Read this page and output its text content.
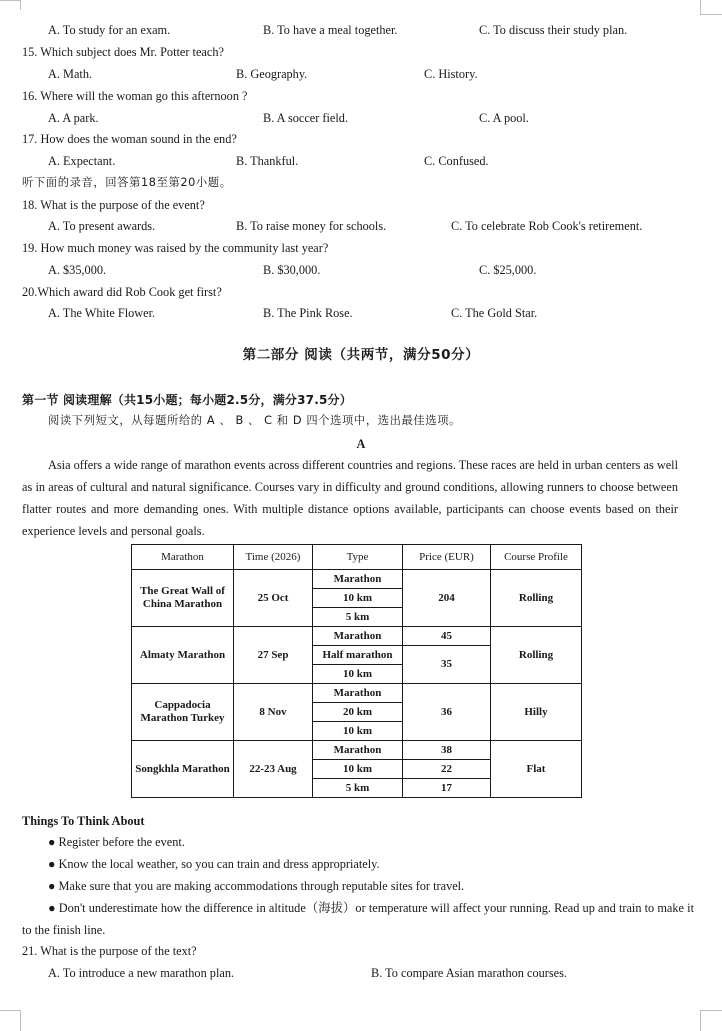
A. To study for an exam.	B. To have a meal together.	C. To discuss their study plan.
15. Which subject does Mr. Potter teach?
A. Math.	B. Geography.	C. History.
16. Where will the woman go this afternoon ?
A. A park.	B. A soccer field.	C. A pool.
17. How does the woman sound in the end?
A. Expectant.	B. Thankful.	C. Confused.
听下面的录音，回答第18至第20小题。
18. What is the purpose of the event?
A. To present awards.	B. To raise money for schools.	C. To celebrate Rob Cook's retirement.
19. How much money was raised by the community last year?
A. $35,000.	B. $30,000.	C. $25,000.
20.Which award did Rob Cook get first?
A. The White Flower.	B. The Pink Rose.	C. The Gold Star.
第二部分 阅读（共两节，满分50分）
第一节 阅读理解（共15小题；每小题2.5分，满分37.5分）
阅读下列短文，从每题所给的 A 、 B 、 C 和 D 四个选项中，选出最佳选项。
A
Asia offers a wide range of marathon events across different countries and regions. These races are held in urban centers as well as in areas of cultural and natural significance. Courses vary in difficulty and ground conditions, allowing runners to choose between flatter routes and more demanding ones. With multiple distance options available, participants can choose events based on their experience levels and personal goals.
Marathon	Time (2026)	Type	Price (EUR)	Course Profile
The Great Wall of China Marathon	25 Oct	Marathon	204	Rolling
		10 km		
		5 km		
Almaty Marathon	27 Sep	Marathon	45	Rolling
		Half marathon	35	
		10 km		
Cappadocia Marathon Turkey	8 Nov	Marathon	36	Hilly
		20 km		
		10 km		
Songkhla Marathon	22-23 Aug	Marathon	38	Flat
		10 km	22	
		5 km	17	
Things To Think About
● Register before the event.
● Know the local weather, so you can train and dress appropriately.
● Make sure that you are making accommodations through reputable sites for travel.
● Don't underestimate how the difference in altitude（海拔）or temperature will affect your running. Read up and train to make it to the finish line.
21. What is the purpose of the text?
A. To introduce a new marathon plan.	B. To compare Asian marathon courses.
